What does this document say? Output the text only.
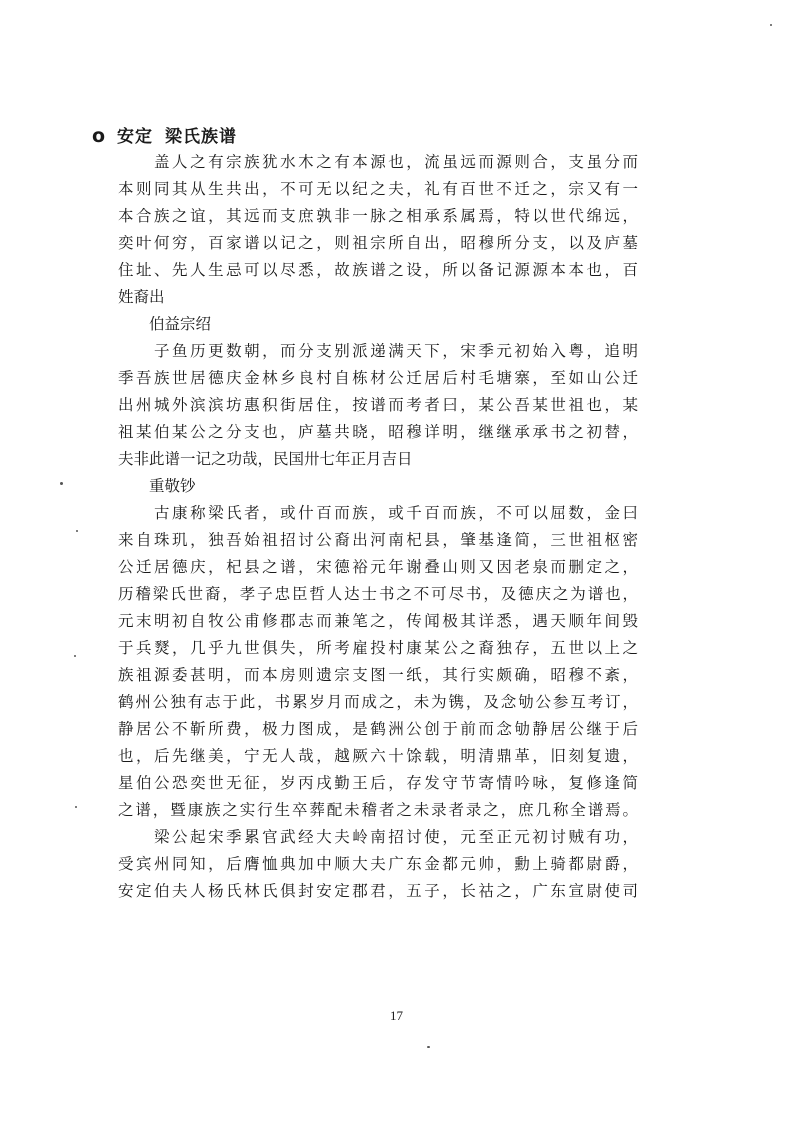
o 安定 梁氏族谱
　　盖人之有宗族犹水木之有本源也，流虽远而源则合，支虽分而
本则同其从生共出，不可无以纪之夫，礼有百世不迁之，宗又有一
本合族之谊，其远而支庶孰非一脉之相承系属焉，特以世代绵远，
奕叶何穷，百家谱以记之，则祖宗所自出，昭穆所分支，以及庐墓
住址、先人生忌可以尽悉，故族谱之设，所以备记源源本本也，百
姓裔出
　　伯益宗绍
　　子鱼历更数朝，而分支别派递满天下，宋季元初始入粤，追明
季吾族世居德庆金林乡良村自栋材公迁居后村毛塘寨，至如山公迁
出州城外滨滨坊惠积街居住，按谱而考者曰，某公吾某世祖也，某
祖某伯某公之分支也，庐墓共晓，昭穆详明，继继承承书之初替，
夫非此谱一记之功哉，民国卅七年正月吉日
　　重敬钞
　　古康称梁氏者，或什百而族，或千百而族，不可以屈数，金曰
来自珠玑，独吾始祖招讨公裔出河南杞县，肇基逢简，三世祖枢密
公迁居德庆，杞县之谱，宋德裕元年谢叠山则又因老泉而删定之，
历稽梁氏世裔，孝子忠臣哲人达士书之不可尽书，及德庆之为谱也，
元末明初自牧公甫修郡志而兼笔之，传闻极其详悉，遇天顺年间毁
于兵燹，几乎九世俱失，所考雇投村康某公之裔独存，五世以上之
族祖源委甚明，而本房则遗宗支图一纸，其行实颇确，昭穆不紊，
鹤州公独有志于此，书累岁月而成之，未为镌，及念劬公参互考订，
静居公不靳所费，极力图成，是鹤洲公创于前而念劬静居公继于后
也，后先继美，宁无人哉，越厥六十馀载，明清鼎革，旧刻复遗，
星伯公恐奕世无征，岁丙戌勤王后，存发守节寄情吟咏，复修逢简
之谱，暨康族之实行生卒葬配未稽者之未录者录之，庶几称全谱焉。
　　梁公起宋季累官武经大夫岭南招讨使，元至正元初讨贼有功，
受宾州同知，后膺恤典加中顺大夫广东金都元帅，勳上骑都尉爵，
安定伯夫人杨氏林氏俱封安定郡君，五子，长祜之，广东宣尉使司
17
